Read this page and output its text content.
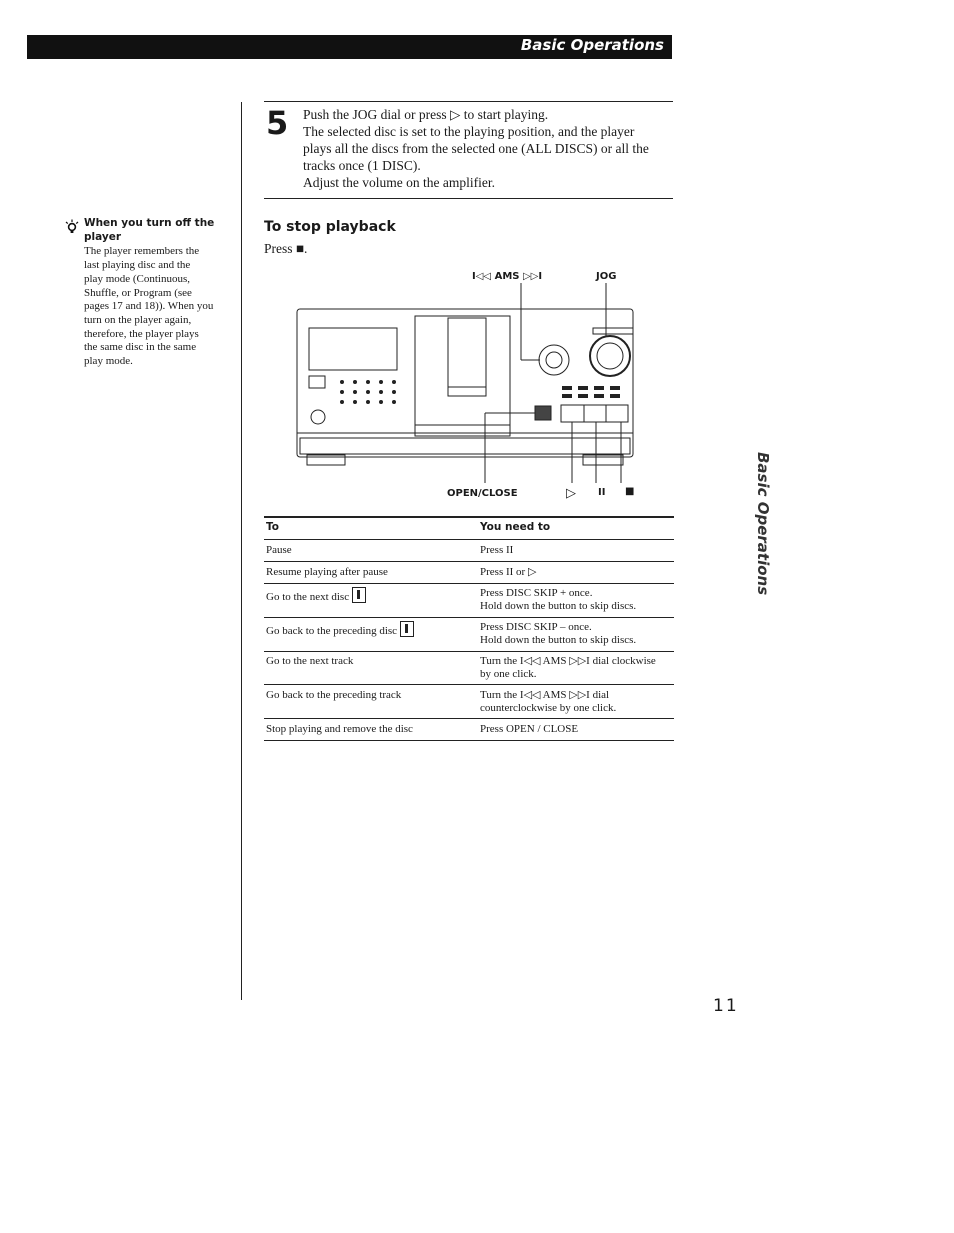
Basic Operations
When you turn off the player
The player remembers the
last playing disc and the
play mode (Continuous,
Shuffle, or Program (see
pages 17 and 18)). When you
turn on the player again,
therefore, the player plays
the same disc in the same
play mode.
5 Push the JOG dial or press ▷ to start playing.
The selected disc is set to the playing position, and the player
plays all the discs from the selected one (ALL DISCS) or all the
tracks once (1 DISC).
Adjust the volume on the amplifier.
To stop playback
Press ■.
I◁◁ AMS ▷▷I	JOG
OPEN/CLOSE	▷ II ■
To	You need to
Pause	Press II
Resume playing after pause	Press II or ▷
Go to the next disc	Press DISC SKIP + once.
Hold down the button to skip discs.
Go back to the preceding disc	Press DISC SKIP – once.
Hold down the button to skip discs.
Go to the next track	Turn the I◁◁ AMS ▷▷I dial clockwise
by one click.
Go back to the preceding track	Turn the I◁◁ AMS ▷▷I dial
counterclockwise by one click.
Stop playing and remove the disc	Press OPEN / CLOSE
Basic Operations
11
